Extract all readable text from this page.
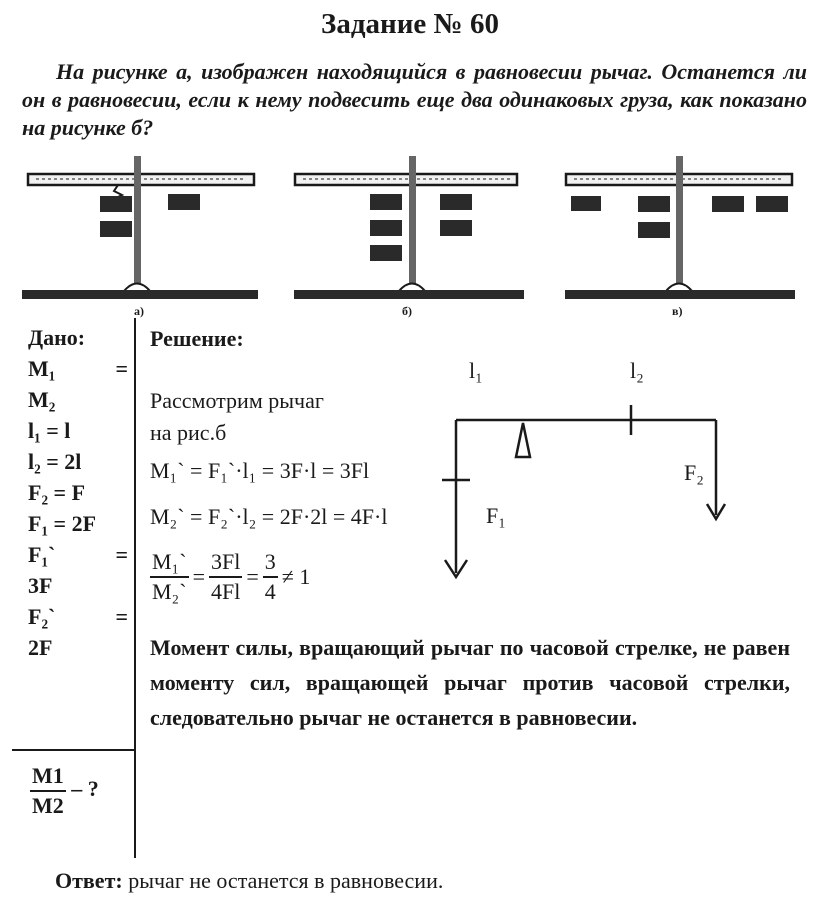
Задание № 60
На рисунке а, изображен находящийся в равновесии рычаг. Останется ли он в равновесии, если к нему подвесить еще два одинаковых груза, как показано на рисунке б?
а)	б)	в)
Дано:
M₁	=
M₂
l₁ = l
l₂ = 2l
F₂ = F
F₁ = 2F
F₁`	=
3F
F₂`	=
2F
$\frac{M1}{M2}$ – ?
Решение:
Рассмотрим рычаг
на рис.б
M₁` = F₁`·l₁ = 3F·l = 3Fl
M₂` = F₂`·l₂ = 2F·2l = 4F·l
$\frac{\text{M₁`}}{\text{M₂`}} = \frac{3Fl}{4Fl} = \frac{3}{4} \ne 1$
l₁	l₂
F₁
F₂
Момент силы, вращающий рычаг по часовой стрелке, не равен моменту сил, вращающей рычаг против часовой стрелки, следовательно рычаг не останется в равновесии.
Ответ: рычаг не останется в равновесии.
